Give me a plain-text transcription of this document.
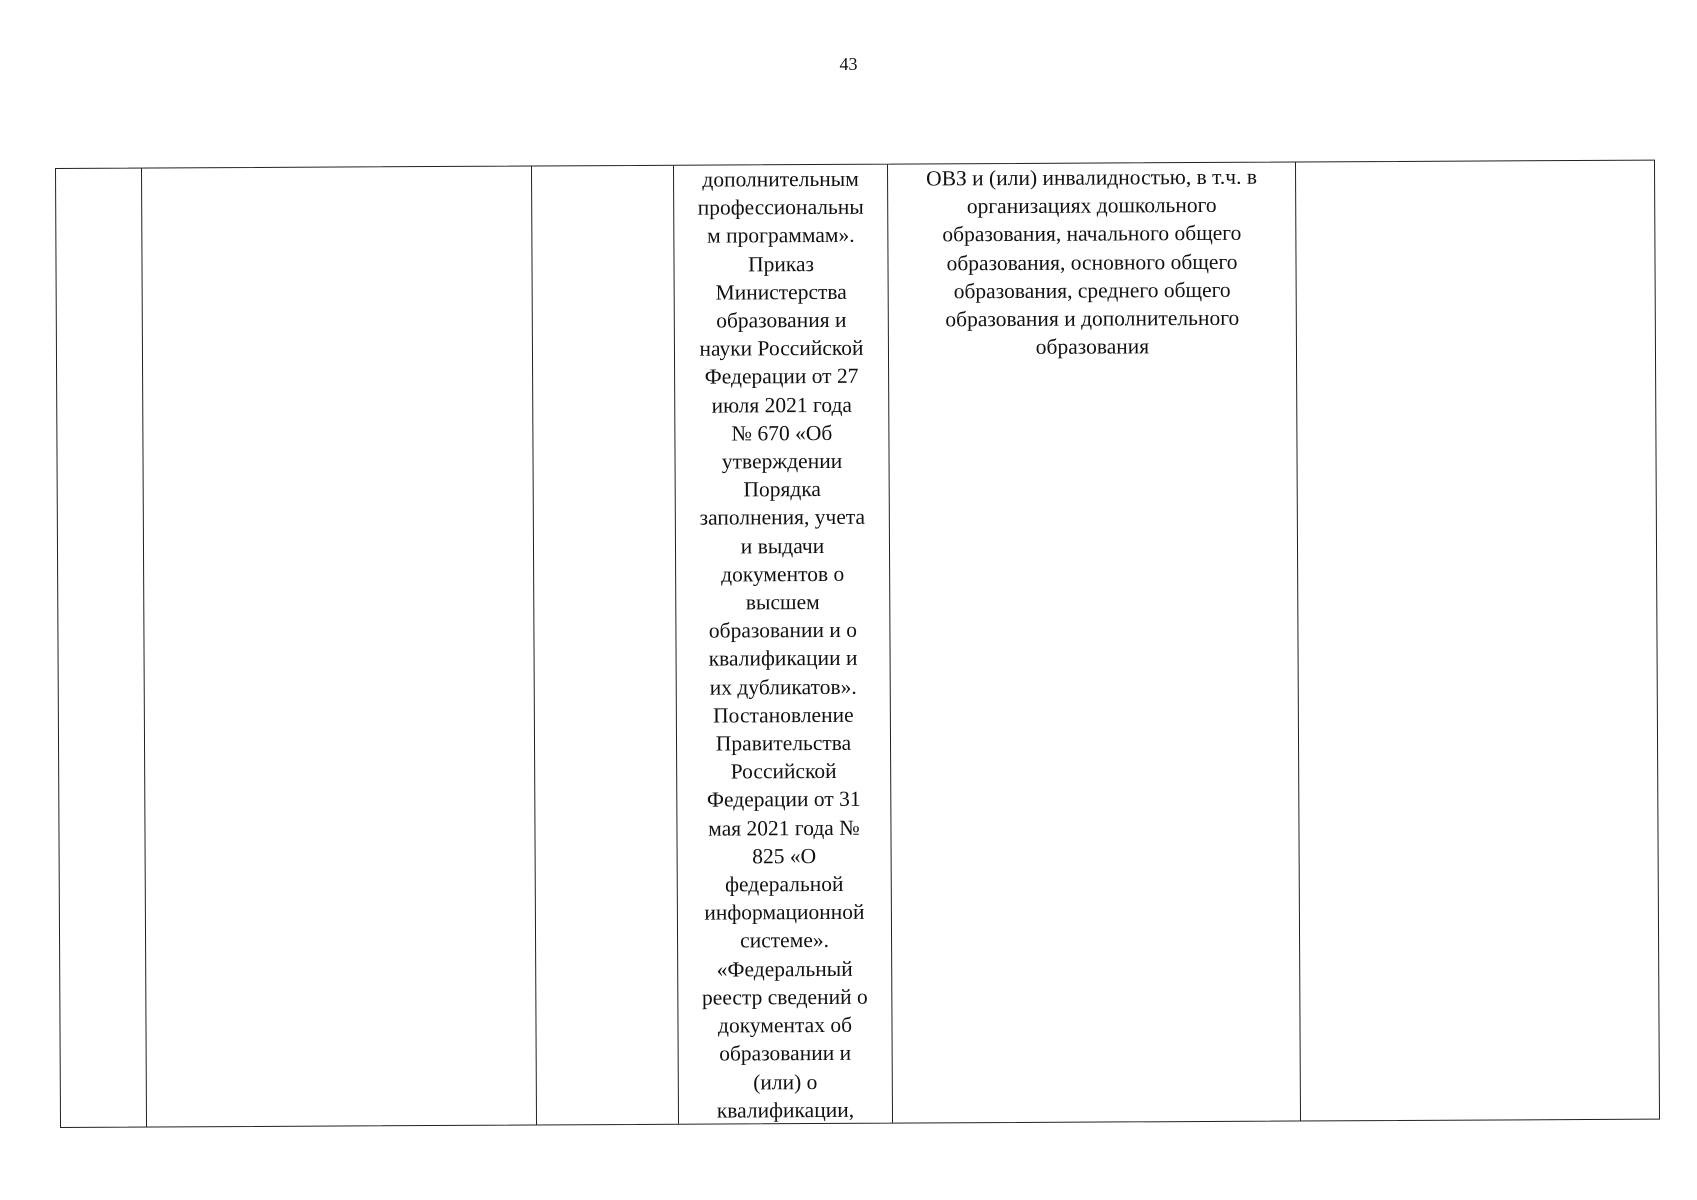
43

дополнительным
профессиональны
м программам».
Приказ
Министерства
образования и
науки Российской
Федерации от 27
июля 2021 года
№ 670 «Об
утверждении
Порядка
заполнения, учета
и выдачи
документов о
высшем
образовании и о
квалификации и
их дубликатов».
Постановление
Правительства
Российской
Федерации от 31
мая 2021 года №
825 «О
федеральной
информационной
системе».
«Федеральный
реестр сведений о
документах об
образовании и
(или) о
квалификации,

ОВЗ и (или) инвалидностью, в т.ч. в
организациях дошкольного
образования, начального общего
образования, основного общего
образования, среднего общего
образования и дополнительного
образования
